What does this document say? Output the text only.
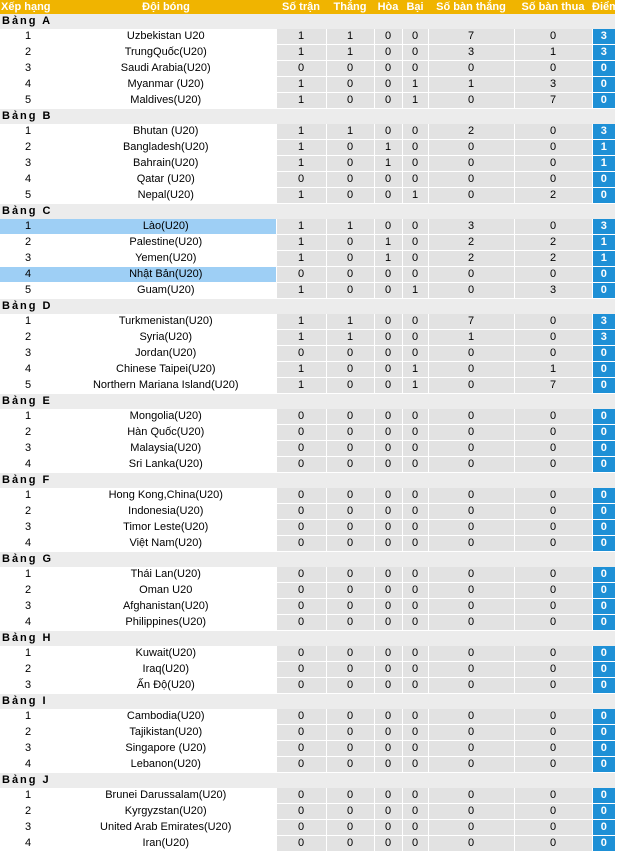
Xếp hạng	Đội bóng	Số trận	Thắng	Hòa	Bại	Số bàn thắng	Số bàn thua	Điểm
Bảng A								
1	Uzbekistan U20	1	1	0	0	7	0	3
2	TrungQuốc(U20)	1	1	0	0	3	1	3
3	Saudi Arabia(U20)	0	0	0	0	0	0	0
4	Myanmar (U20)	1	0	0	1	1	3	0
5	Maldives(U20)	1	0	0	1	0	7	0
Bảng B								
1	Bhutan (U20)	1	1	0	0	2	0	3
2	Bangladesh(U20)	1	0	1	0	0	0	1
3	Bahrain(U20)	1	0	1	0	0	0	1
4	Qatar (U20)	0	0	0	0	0	0	0
5	Nepal(U20)	1	0	0	1	0	2	0
Bảng C								
1	Lào(U20)	1	1	0	0	3	0	3
2	Palestine(U20)	1	0	1	0	2	2	1
3	Yemen(U20)	1	0	1	0	2	2	1
4	Nhật Bản(U20)	0	0	0	0	0	0	0
5	Guam(U20)	1	0	0	1	0	3	0
Bảng D								
1	Turkmenistan(U20)	1	1	0	0	7	0	3
2	Syria(U20)	1	1	0	0	1	0	3
3	Jordan(U20)	0	0	0	0	0	0	0
4	Chinese Taipei(U20)	1	0	0	1	0	1	0
5	Northern Mariana Island(U20)	1	0	0	1	0	7	0
Bảng E								
1	Mongolia(U20)	0	0	0	0	0	0	0
2	Hàn Quốc(U20)	0	0	0	0	0	0	0
3	Malaysia(U20)	0	0	0	0	0	0	0
4	Sri Lanka(U20)	0	0	0	0	0	0	0
Bảng F								
1	Hong Kong,China(U20)	0	0	0	0	0	0	0
2	Indonesia(U20)	0	0	0	0	0	0	0
3	Timor Leste(U20)	0	0	0	0	0	0	0
4	Việt Nam(U20)	0	0	0	0	0	0	0
Bảng G								
1	Thái Lan(U20)	0	0	0	0	0	0	0
2	Oman U20	0	0	0	0	0	0	0
3	Afghanistan(U20)	0	0	0	0	0	0	0
4	Philippines(U20)	0	0	0	0	0	0	0
Bảng H								
1	Kuwait(U20)	0	0	0	0	0	0	0
2	Iraq(U20)	0	0	0	0	0	0	0
3	Ấn Độ(U20)	0	0	0	0	0	0	0
Bảng I								
1	Cambodia(U20)	0	0	0	0	0	0	0
2	Tajikistan(U20)	0	0	0	0	0	0	0
3	Singapore (U20)	0	0	0	0	0	0	0
4	Lebanon(U20)	0	0	0	0	0	0	0
Bảng J								
1	Brunei Darussalam(U20)	0	0	0	0	0	0	0
2	Kyrgyzstan(U20)	0	0	0	0	0	0	0
3	United Arab Emirates(U20)	0	0	0	0	0	0	0
4	Iran(U20)	0	0	0	0	0	0	0
